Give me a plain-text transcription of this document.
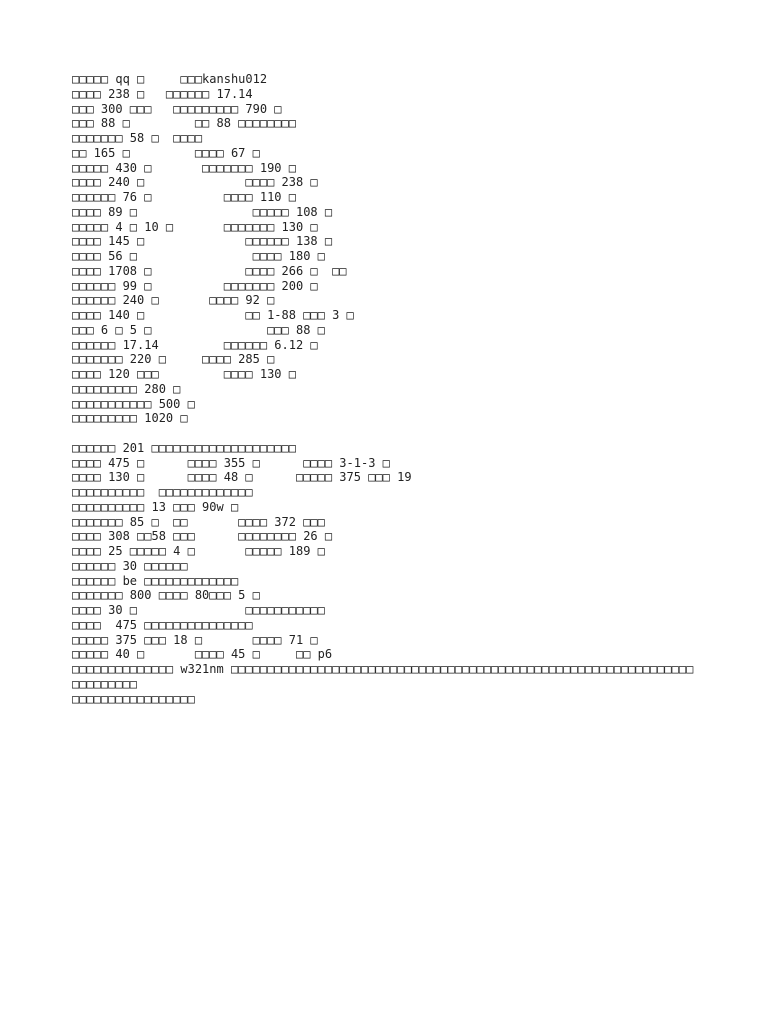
□□□□□ qq □     □□□kanshu012
□□□□ 238 □   □□□□□□ 17.14
□□□ 300 □□□   □□□□□□□□□ 790 □
□□□ 88 □         □□ 88 □□□□□□□□
□□□□□□□ 58 □  □□□□
□□ 165 □         □□□□ 67 □
□□□□□ 430 □       □□□□□□□ 190 □
□□□□ 240 □              □□□□ 238 □
□□□□□□ 76 □          □□□□ 110 □
□□□□ 89 □                □□□□□ 108 □
□□□□□ 4 □ 10 □       □□□□□□□ 130 □
□□□□ 145 □              □□□□□□ 138 □
□□□□ 56 □                □□□□ 180 □
□□□□ 1708 □             □□□□ 266 □  □□
□□□□□□ 99 □          □□□□□□□ 200 □
□□□□□□ 240 □       □□□□ 92 □
□□□□ 140 □              □□ 1-88 □□□ 3 □
□□□ 6 □ 5 □                □□□ 88 □
□□□□□□ 17.14         □□□□□□ 6.12 □
□□□□□□□ 220 □     □□□□ 285 □
□□□□ 120 □□□         □□□□ 130 □
□□□□□□□□□ 280 □
□□□□□□□□□□□ 500 □
□□□□□□□□□ 1020 □
□□□□□□ 201 □□□□□□□□□□□□□□□□□□□□
□□□□ 475 □      □□□□ 355 □      □□□□ 3-1-3 □
□□□□ 130 □      □□□□ 48 □      □□□□□ 375 □□□ 19
□□□□□□□□□□  □□□□□□□□□□□□□
□□□□□□□□□□ 13 □□□ 90w □
□□□□□□□ 85 □  □□       □□□□ 372 □□□
□□□□ 308 □□58 □□□      □□□□□□□□ 26 □
□□□□ 25 □□□□□ 4 □       □□□□□ 189 □
□□□□□□ 30 □□□□□□
□□□□□□ be □□□□□□□□□□□□□
□□□□□□□ 800 □□□□ 80□□□ 5 □
□□□□ 30 □               □□□□□□□□□□□
□□□□  475 □□□□□□□□□□□□□□□
□□□□□ 375 □□□ 18 □       □□□□ 71 □
□□□□□ 40 □       □□□□ 45 □     □□ p6
□□□□□□□□□□□□□□ w321nm □□□□□□□□□□□□□□□□□□□□□□□□□□□□□□□□□□□□□□□□□□□□□□□□□□□□□□□□□□□□□□□□
□□□□□□□□□
□□□□□□□□□□□□□□□□□
